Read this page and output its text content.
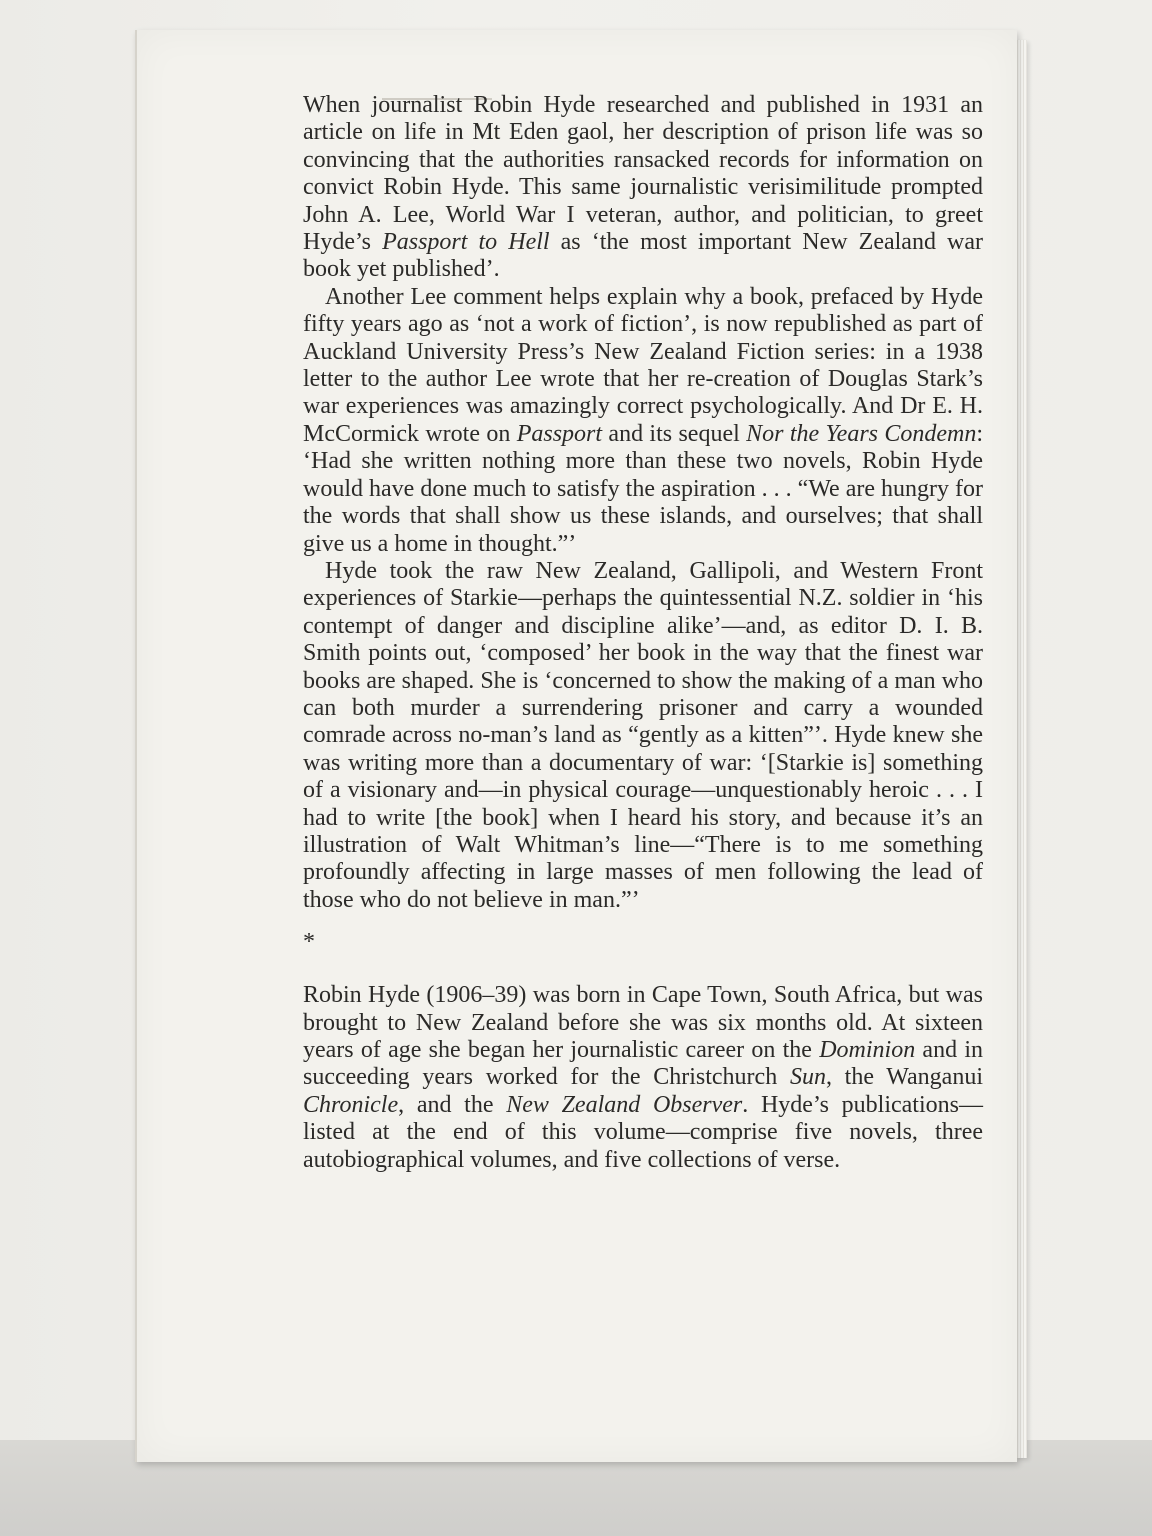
When journalist Robin Hyde researched and published in 1931 an article on life in Mt Eden gaol, her description of prison life was so convincing that the authorities ransacked records for information on convict Robin Hyde. This same journalistic verisimilitude prompted John A. Lee, World War I veteran, author, and politician, to greet Hyde’s Passport to Hell as ‘the most important New Zealand war book yet published’.

Another Lee comment helps explain why a book, prefaced by Hyde fifty years ago as ‘not a work of fiction’, is now republished as part of Auckland University Press’s New Zealand Fiction series: in a 1938 letter to the author Lee wrote that her re-creation of Douglas Stark’s war experiences was amazingly correct psychologically. And Dr E. H. McCormick wrote on Passport and its sequel Nor the Years Condemn: ‘Had she written nothing more than these two novels, Robin Hyde would have done much to satisfy the aspiration . . . “We are hungry for the words that shall show us these islands, and ourselves; that shall give us a home in thought.”’

Hyde took the raw New Zealand, Gallipoli, and Western Front experiences of Starkie—perhaps the quintessential N.Z. soldier in ‘his contempt of danger and discipline alike’—and, as editor D. I. B. Smith points out, ‘composed’ her book in the way that the finest war books are shaped. She is ‘concerned to show the making of a man who can both murder a surrendering prisoner and carry a wounded comrade across no-man’s land as “gently as a kitten”’. Hyde knew she was writing more than a documentary of war: ‘[Starkie is] something of a visionary and—in physical courage—unquestionably heroic . . . I had to write [the book] when I heard his story, and because it’s an illustration of Walt Whitman’s line—“There is to me something profoundly affecting in large masses of men following the lead of those who do not believe in man.”’

*

Robin Hyde (1906–39) was born in Cape Town, South Africa, but was brought to New Zealand before she was six months old. At sixteen years of age she began her journalistic career on the Dominion and in succeeding years worked for the Christchurch Sun, the Wanganui Chronicle, and the New Zealand Observer. Hyde’s publications—listed at the end of this volume—comprise five novels, three autobiographical volumes, and five collections of verse.
